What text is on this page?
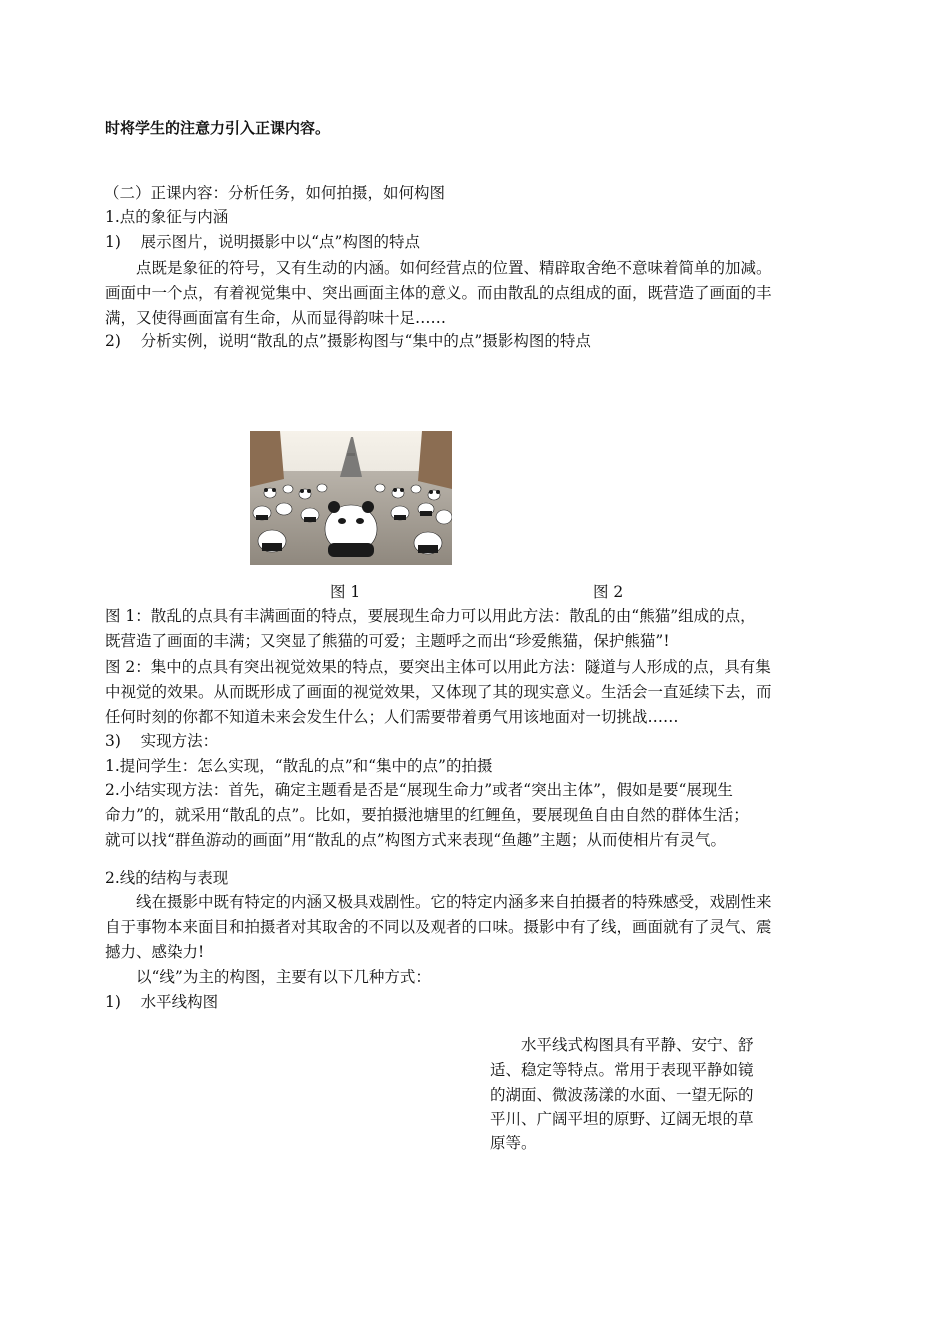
时将学生的注意力引入正课内容。
（二）正课内容：分析任务，如何拍摄，如何构图
1.点的象征与内涵
1)    展示图片，说明摄影中以“点”构图的特点
　　点既是象征的符号，又有生动的内涵。如何经营点的位置、精辟取舍绝不意味着简单的加减。
画面中一个点，有着视觉集中、突出画面主体的意义。而由散乱的点组成的面，既营造了画面的丰
满，又使得画面富有生命，从而显得韵味十足……
2)    分析实例，说明“散乱的点”摄影构图与“集中的点”摄影构图的特点
图 1	图 2
图 1：散乱的点具有丰满画面的特点，要展现生命力可以用此方法：散乱的由“熊猫”组成的点，
既营造了画面的丰满；又突显了熊猫的可爱；主题呼之而出“珍爱熊猫，保护熊猫”!
图 2：集中的点具有突出视觉效果的特点，要突出主体可以用此方法：隧道与人形成的点，具有集
中视觉的效果。从而既形成了画面的视觉效果，又体现了其的现实意义。生活会一直延续下去，而
任何时刻的你都不知道未来会发生什么；人们需要带着勇气用该地面对一切挑战……
3)    实现方法：
1.提问学生：怎么实现，“散乱的点”和“集中的点”的拍摄
2.小结实现方法：首先，确定主题看是否是“展现生命力”或者“突出主体”，假如是要“展现生
命力”的，就采用“散乱的点”。比如，要拍摄池塘里的红鲤鱼，要展现鱼自由自然的群体生活；
就可以找“群鱼游动的画面”用“散乱的点”构图方式来表现“鱼趣”主题；从而使相片有灵气。
2.线的结构与表现
　　线在摄影中既有特定的内涵又极具戏剧性。它的特定内涵多来自拍摄者的特殊感受，戏剧性来
自于事物本来面目和拍摄者对其取舍的不同以及观者的口味。摄影中有了线，画面就有了灵气、震
撼力、感染力!
　　以“线”为主的构图，主要有以下几种方式：
1)    水平线构图
　　水平线式构图具有平静、安宁、舒
适、稳定等特点。常用于表现平静如镜
的湖面、微波荡漾的水面、一望无际的
平川、广阔平坦的原野、辽阔无垠的草
原等。
